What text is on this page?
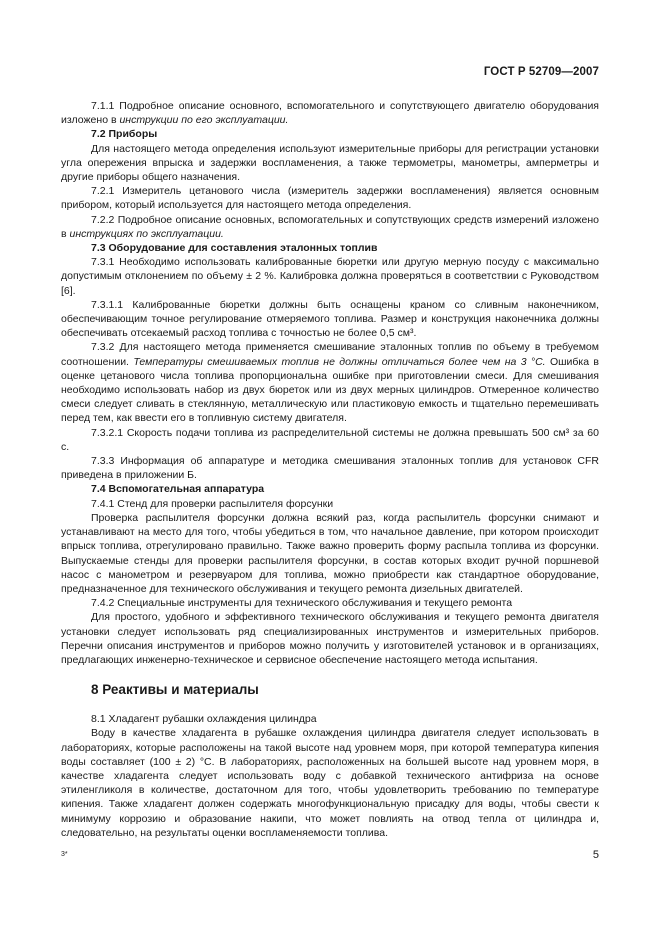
ГОСТ Р 52709—2007

7.1.1 Подробное описание основного, вспомогательного и сопутствующего двигателю оборудования изложено в инструкции по его эксплуатации.

7.2 Приборы

Для настоящего метода определения используют измерительные приборы для регистрации установки угла опережения впрыска и задержки воспламенения, а также термометры, манометры, амперметры и другие приборы общего назначения.

7.2.1 Измеритель цетанового числа (измеритель задержки воспламенения) является основным прибором, который используется для настоящего метода определения.

7.2.2 Подробное описание основных, вспомогательных и сопутствующих средств измерений изложено в инструкциях по эксплуатации.

7.3 Оборудование для составления эталонных топлив

7.3.1 Необходимо использовать калиброванные бюретки или другую мерную посуду с максимально допустимым отклонением по объему ± 2 %. Калибровка должна проверяться в соответствии с Руководством [6].

7.3.1.1 Калиброванные бюретки должны быть оснащены краном со сливным наконечником, обеспечивающим точное регулирование отмеряемого топлива. Размер и конструкция наконечника должны обеспечивать отсекаемый расход топлива с точностью не более 0,5 см³.

7.3.2 Для настоящего метода применяется смешивание эталонных топлив по объему в требуемом соотношении. Температуры смешиваемых топлив не должны отличаться более чем на 3 °С. Ошибка в оценке цетанового числа топлива пропорциональна ошибке при приготовлении смеси. Для смешивания необходимо использовать набор из двух бюреток или из двух мерных цилиндров. Отмеренное количество смеси следует сливать в стеклянную, металлическую или пластиковую емкость и тщательно перемешивать перед тем, как ввести его в топливную систему двигателя.

7.3.2.1 Скорость подачи топлива из распределительной системы не должна превышать 500 см³ за 60 с.

7.3.3 Информация об аппаратуре и методика смешивания эталонных топлив для установок CFR приведена в приложении Б.

7.4 Вспомогательная аппаратура

7.4.1 Стенд для проверки распылителя форсунки

Проверка распылителя форсунки должна всякий раз, когда распылитель форсунки снимают и устанавливают на место для того, чтобы убедиться в том, что начальное давление, при котором происходит впрыск топлива, отрегулировано правильно. Также важно проверить форму распыла топлива из форсунки. Выпускаемые стенды для проверки распылителя форсунки, в состав которых входит ручной поршневой насос с манометром и резервуаром для топлива, можно приобрести как стандартное оборудование, предназначенное для технического обслуживания и текущего ремонта дизельных двигателей.

7.4.2 Специальные инструменты для технического обслуживания и текущего ремонта

Для простого, удобного и эффективного технического обслуживания и текущего ремонта двигателя установки следует использовать ряд специализированных инструментов и измерительных приборов. Перечни описания инструментов и приборов можно получить у изготовителей установок и в организациях, предлагающих инженерно-техническое и сервисное обеспечение настоящего метода испытания.

8 Реактивы и материалы

8.1 Хладагент рубашки охлаждения цилиндра

Воду в качестве хладагента в рубашке охлаждения цилиндра двигателя следует использовать в лабораториях, которые расположены на такой высоте над уровнем моря, при которой температура кипения воды составляет (100 ± 2) °С. В лабораториях, расположенных на большей высоте над уровнем моря, в качестве хладагента следует использовать воду с добавкой технического антифриза на основе этиленгликоля в количестве, достаточном для того, чтобы удовлетворить требованию по температуре кипения. Также хладагент должен содержать многофункциональную присадку для воды, чтобы свести к минимуму коррозию и образование накипи, что может повлиять на отвод тепла от цилиндра и, следовательно, на результаты оценки воспламеняемости топлива.

3*	5
